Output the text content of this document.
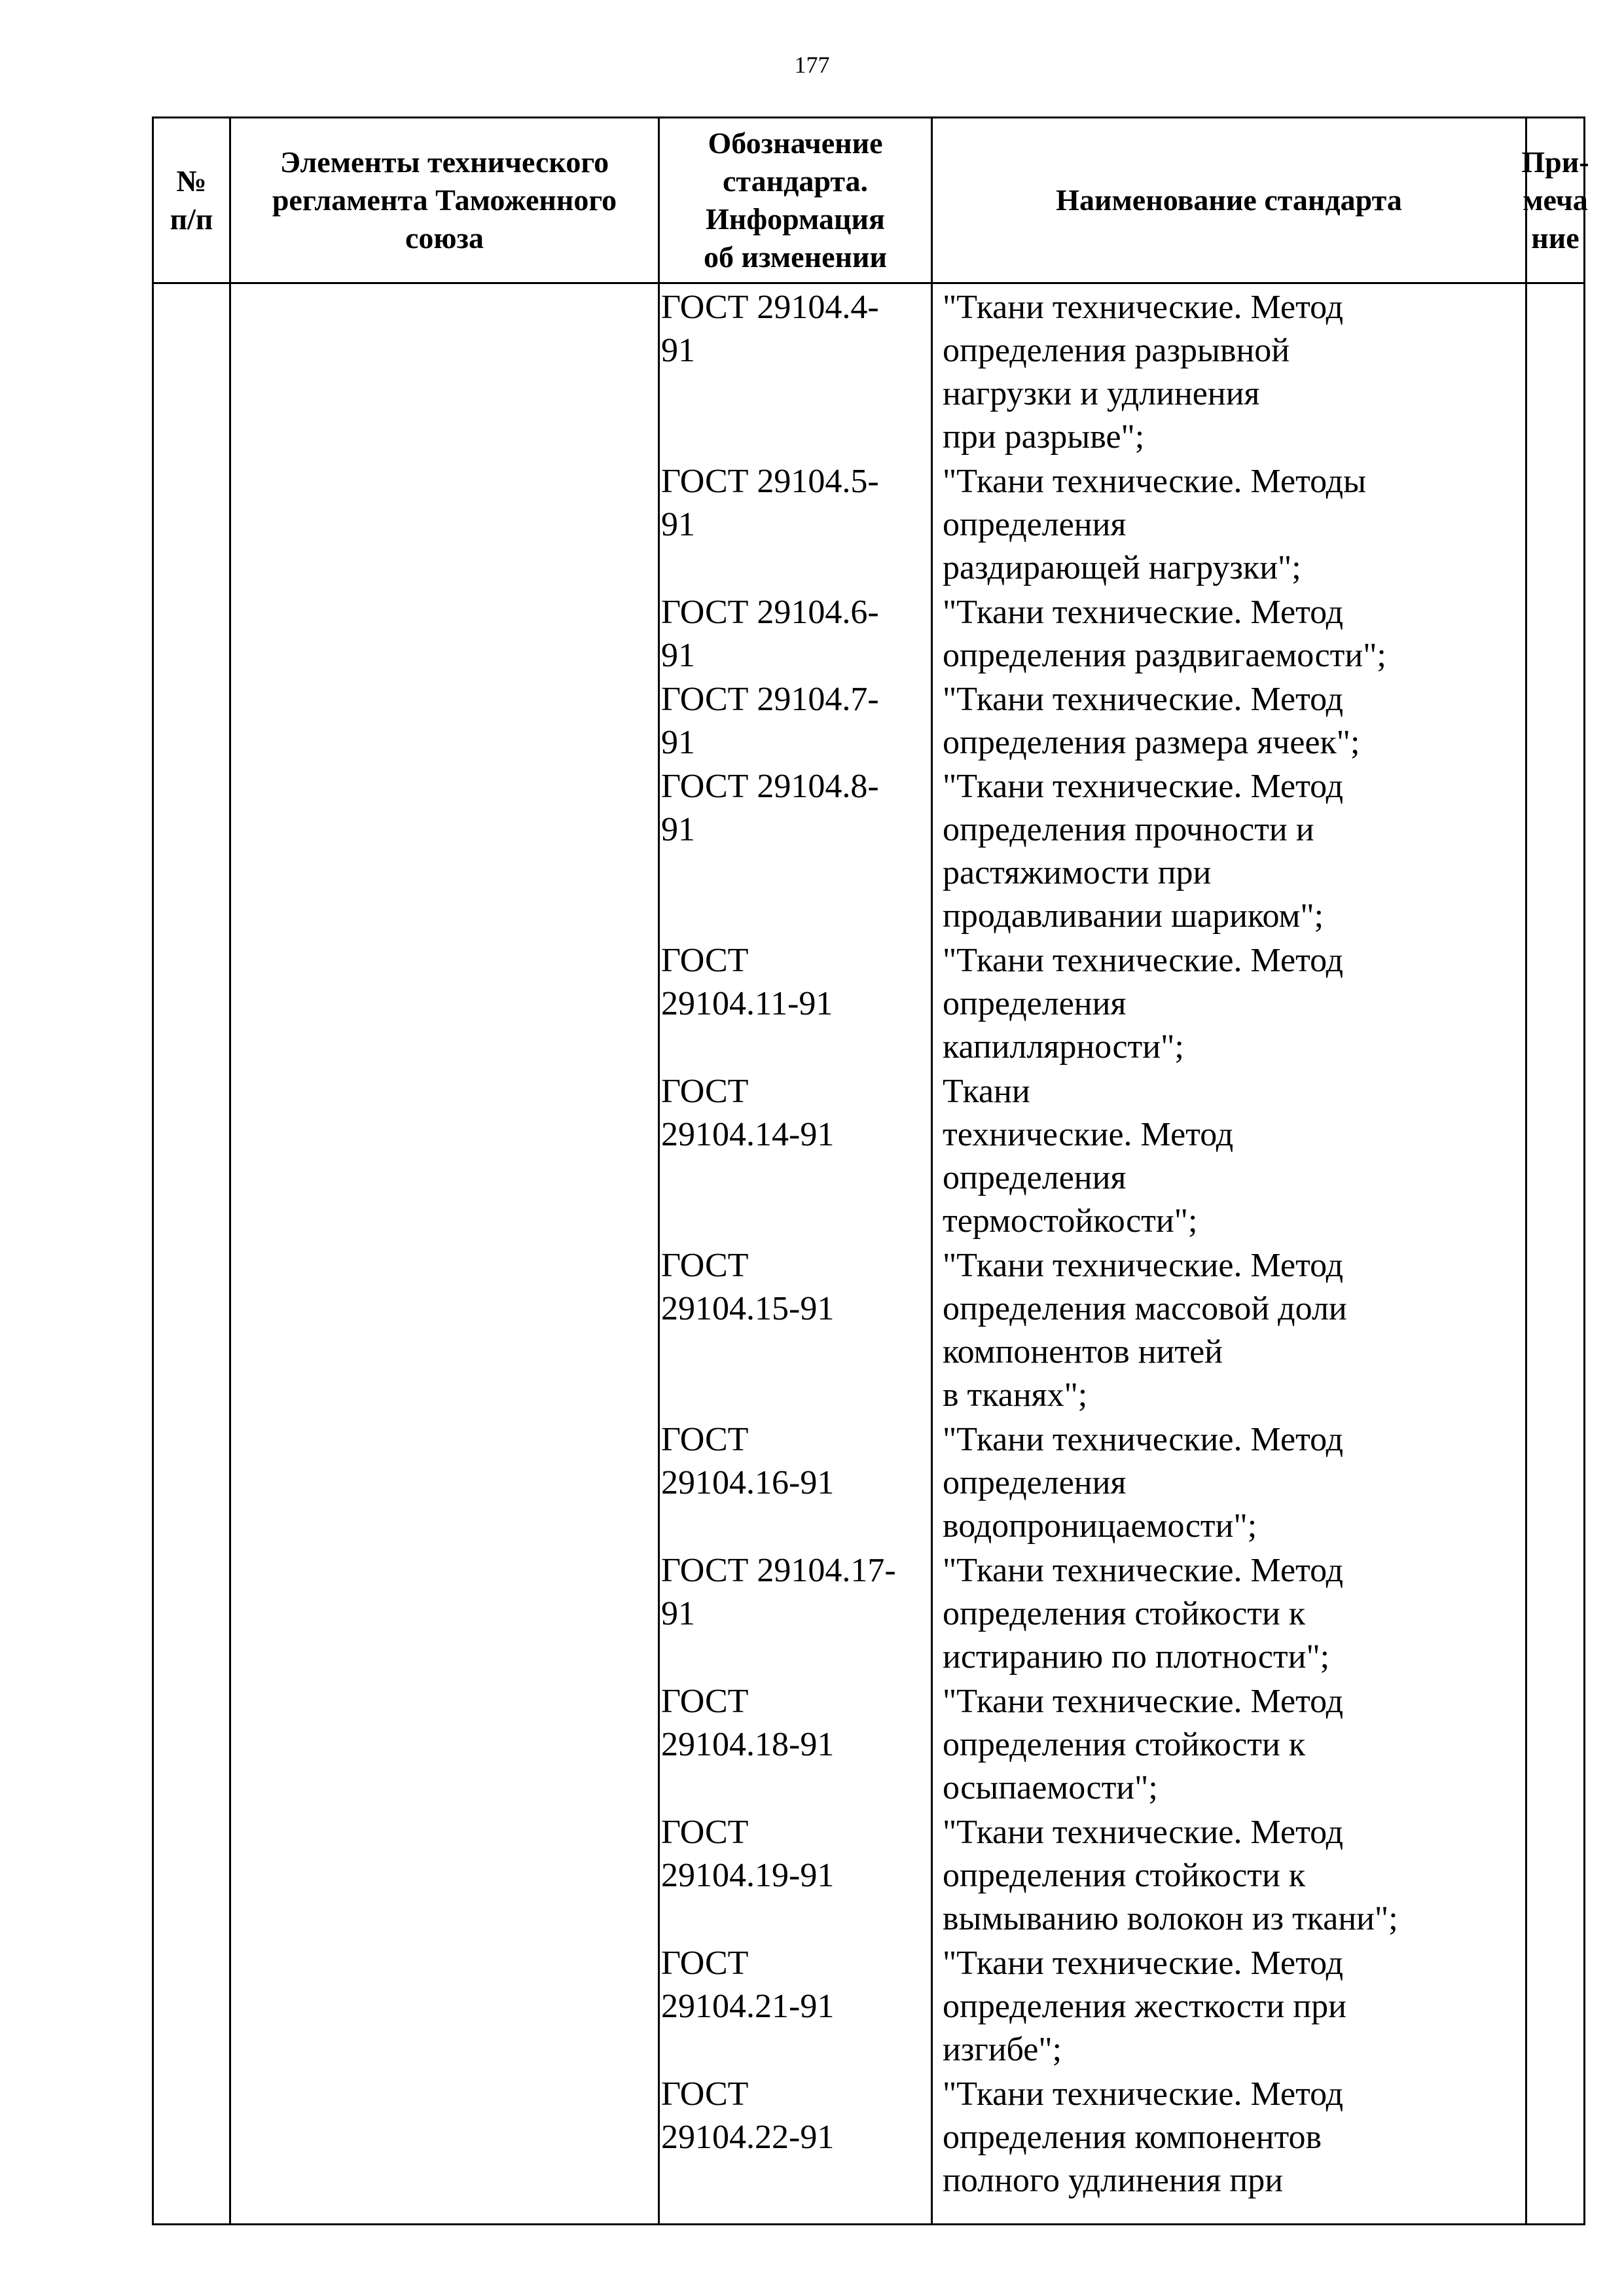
177
№
п/п
Элементы технического
регламента Таможенного
союза
Обозначение
стандарта.
Информация
об изменении
Наименование стандарта
При-
меча
ние
ГОСТ 29104.4-
91
"Ткани технические. Метод
определения разрывной
нагрузки и удлинения
при разрыве";
ГОСТ 29104.5-
91
"Ткани технические. Методы
определения
раздирающей нагрузки";
ГОСТ 29104.6-
91
"Ткани технические. Метод
определения раздвигаемости";
ГОСТ 29104.7-
91
"Ткани технические. Метод
определения размера ячеек";
ГОСТ 29104.8-
91
"Ткани технические. Метод
определения прочности и
растяжимости при
продавливании шариком";
ГОСТ
29104.11-91
"Ткани технические. Метод
определения
капиллярности";
ГОСТ
29104.14-91
Ткани
технические. Метод
определения
термостойкости";
ГОСТ
29104.15-91
"Ткани технические. Метод
определения массовой доли
компонентов нитей
в тканях";
ГОСТ
29104.16-91
"Ткани технические. Метод
определения
водопроницаемости";
ГОСТ 29104.17-
91
"Ткани технические. Метод
определения стойкости к
истиранию по плотности";
ГОСТ
29104.18-91
"Ткани технические. Метод
определения стойкости к
осыпаемости";
ГОСТ
29104.19-91
"Ткани технические. Метод
определения стойкости к
вымыванию волокон из ткани";
ГОСТ
29104.21-91
"Ткани технические. Метод
определения жесткости при
изгибе";
ГОСТ
29104.22-91
"Ткани технические. Метод
определения компонентов
полного удлинения при
